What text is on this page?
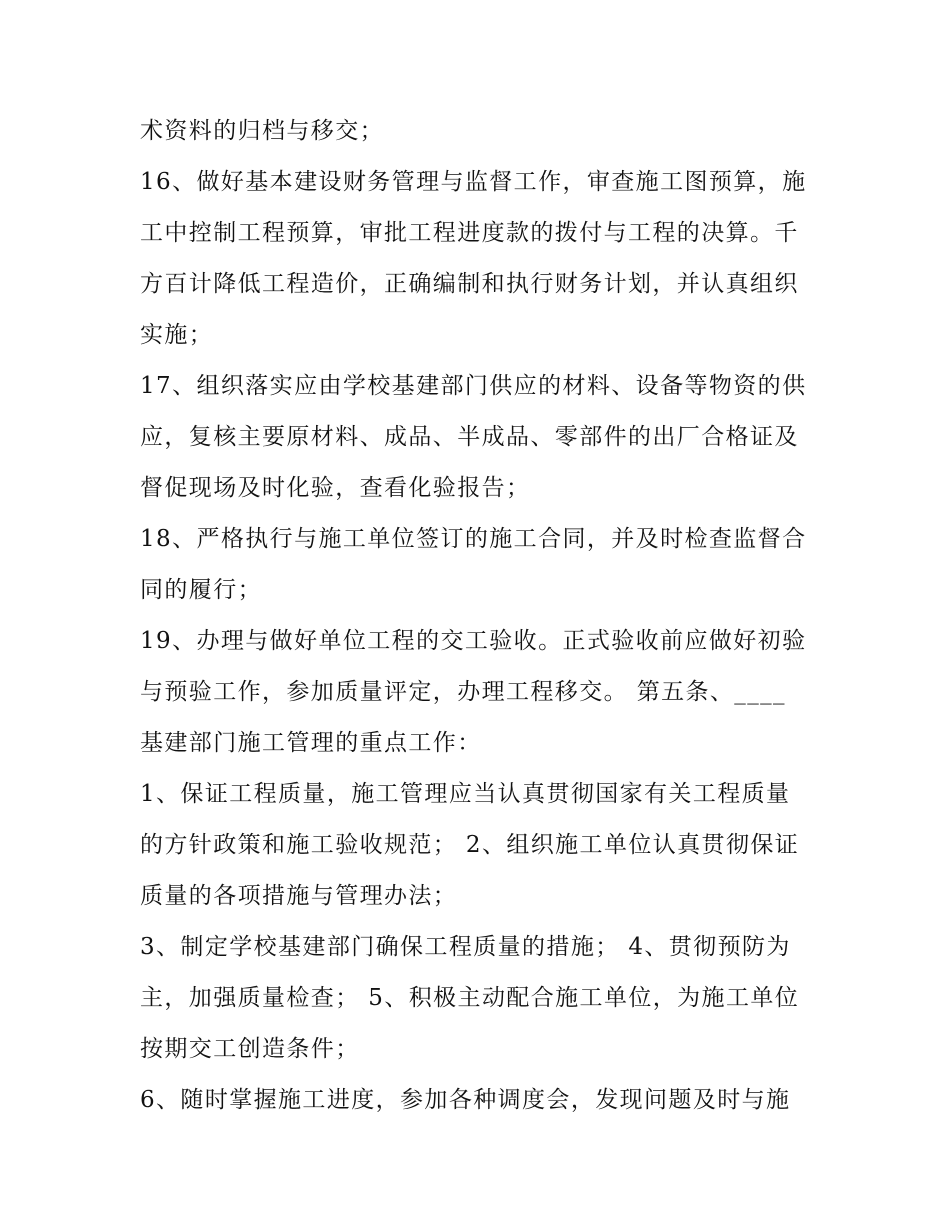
术资料的归档与移交；
16、做好基本建设财务管理与监督工作，审查施工图预算，施
工中控制工程预算，审批工程进度款的拨付与工程的决算。千
方百计降低工程造价，正确编制和执行财务计划，并认真组织
实施；
17、组织落实应由学校基建部门供应的材料、设备等物资的供
应，复核主要原材料、成品、半成品、零部件的出厂合格证及
督促现场及时化验，查看化验报告；
18、严格执行与施工单位签订的施工合同，并及时检查监督合
同的履行；
19、办理与做好单位工程的交工验收。正式验收前应做好初验
与预验工作，参加质量评定，办理工程移交。 第五条、____
基建部门施工管理的重点工作：
1、保证工程质量，施工管理应当认真贯彻国家有关工程质量
的方针政策和施工验收规范； 2、组织施工单位认真贯彻保证
质量的各项措施与管理办法；
3、制定学校基建部门确保工程质量的措施； 4、贯彻预防为
主，加强质量检查； 5、积极主动配合施工单位，为施工单位
按期交工创造条件；
6、随时掌握施工进度，参加各种调度会，发现问题及时与施
